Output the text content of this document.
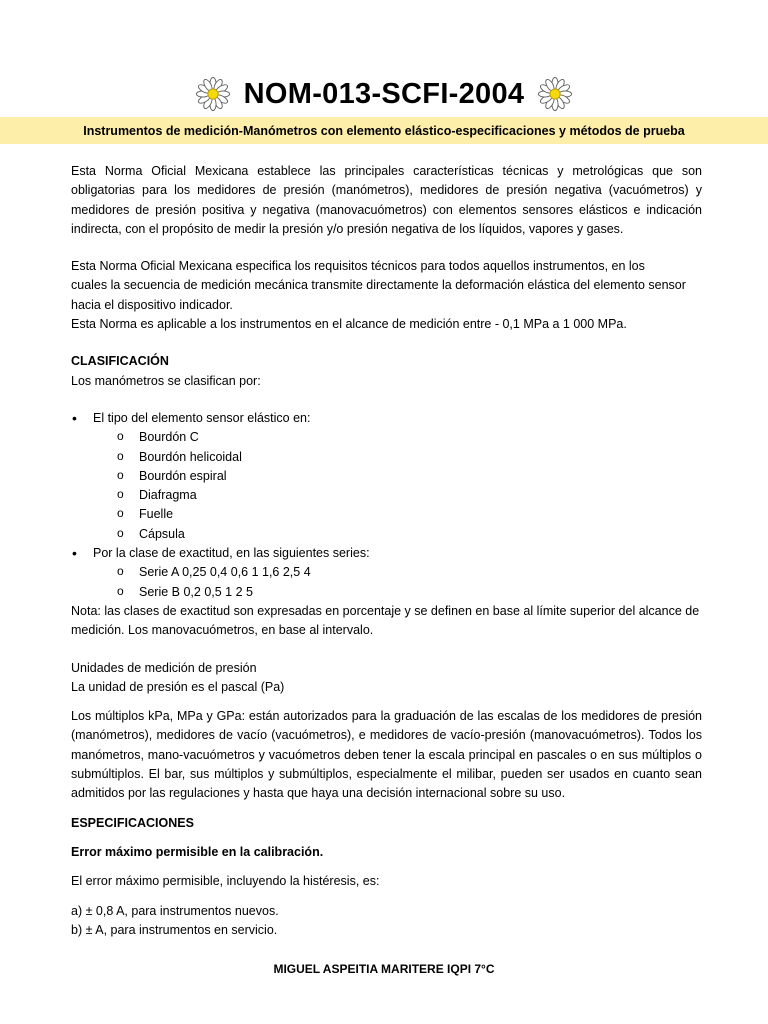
NOM-013-SCFI-2004
Instrumentos de medición-Manómetros con elemento elástico-especificaciones y métodos de prueba

Esta Norma Oficial Mexicana establece las principales características técnicas y metrológicas que son obligatorias para los medidores de presión (manómetros), medidores de presión negativa (vacuómetros) y medidores de presión positiva y negativa (manovacuómetros) con elementos sensores elásticos e indicación indirecta, con el propósito de medir la presión y/o presión negativa de los líquidos, vapores y gases.

Esta Norma Oficial Mexicana especifica los requisitos técnicos para todos aquellos instrumentos, en los

cuales la secuencia de medición mecánica transmite directamente la deformación elástica del elemento sensor

hacia el dispositivo indicador.

Esta Norma es aplicable a los instrumentos en el alcance de medición entre - 0,1 MPa a 1 000 MPa.

CLASIFICACIÓN

Los manómetros se clasifican por:

• El tipo del elemento sensor elástico en:
o Bourdón C
o Bourdón helicoidal
o Bourdón espiral
o Diafragma
o Fuelle
o Cápsula
• Por la clase de exactitud, en las siguientes series:
o Serie A 0,25 0,4 0,6 1 1,6 2,5 4
o Serie B 0,2 0,5 1 2 5

Nota: las clases de exactitud son expresadas en porcentaje y se definen en base al límite superior del alcance de medición. Los manovacuómetros, en base al intervalo.

Unidades de medición de presión

La unidad de presión es el pascal (Pa)

Los múltiplos kPa, MPa y GPa: están autorizados para la graduación de las escalas de los medidores de presión (manómetros), medidores de vacío (vacuómetros), e medidores de vacío-presión (manovacuómetros). Todos los manómetros, mano-vacuómetros y vacuómetros deben tener la escala principal en pascales o en sus múltiplos o submúltiplos. El bar, sus múltiplos y submúltiplos, especialmente el milibar, pueden ser usados en cuanto sean admitidos por las regulaciones y hasta que haya una decisión internacional sobre su uso.

ESPECIFICACIONES

Error máximo permisible en la calibración.

El error máximo permisible, incluyendo la histéresis, es:

a) ± 0,8 A, para instrumentos nuevos.

b) ± A, para instrumentos en servicio.

MIGUEL ASPEITIA MARITERE IQPI 7°C
